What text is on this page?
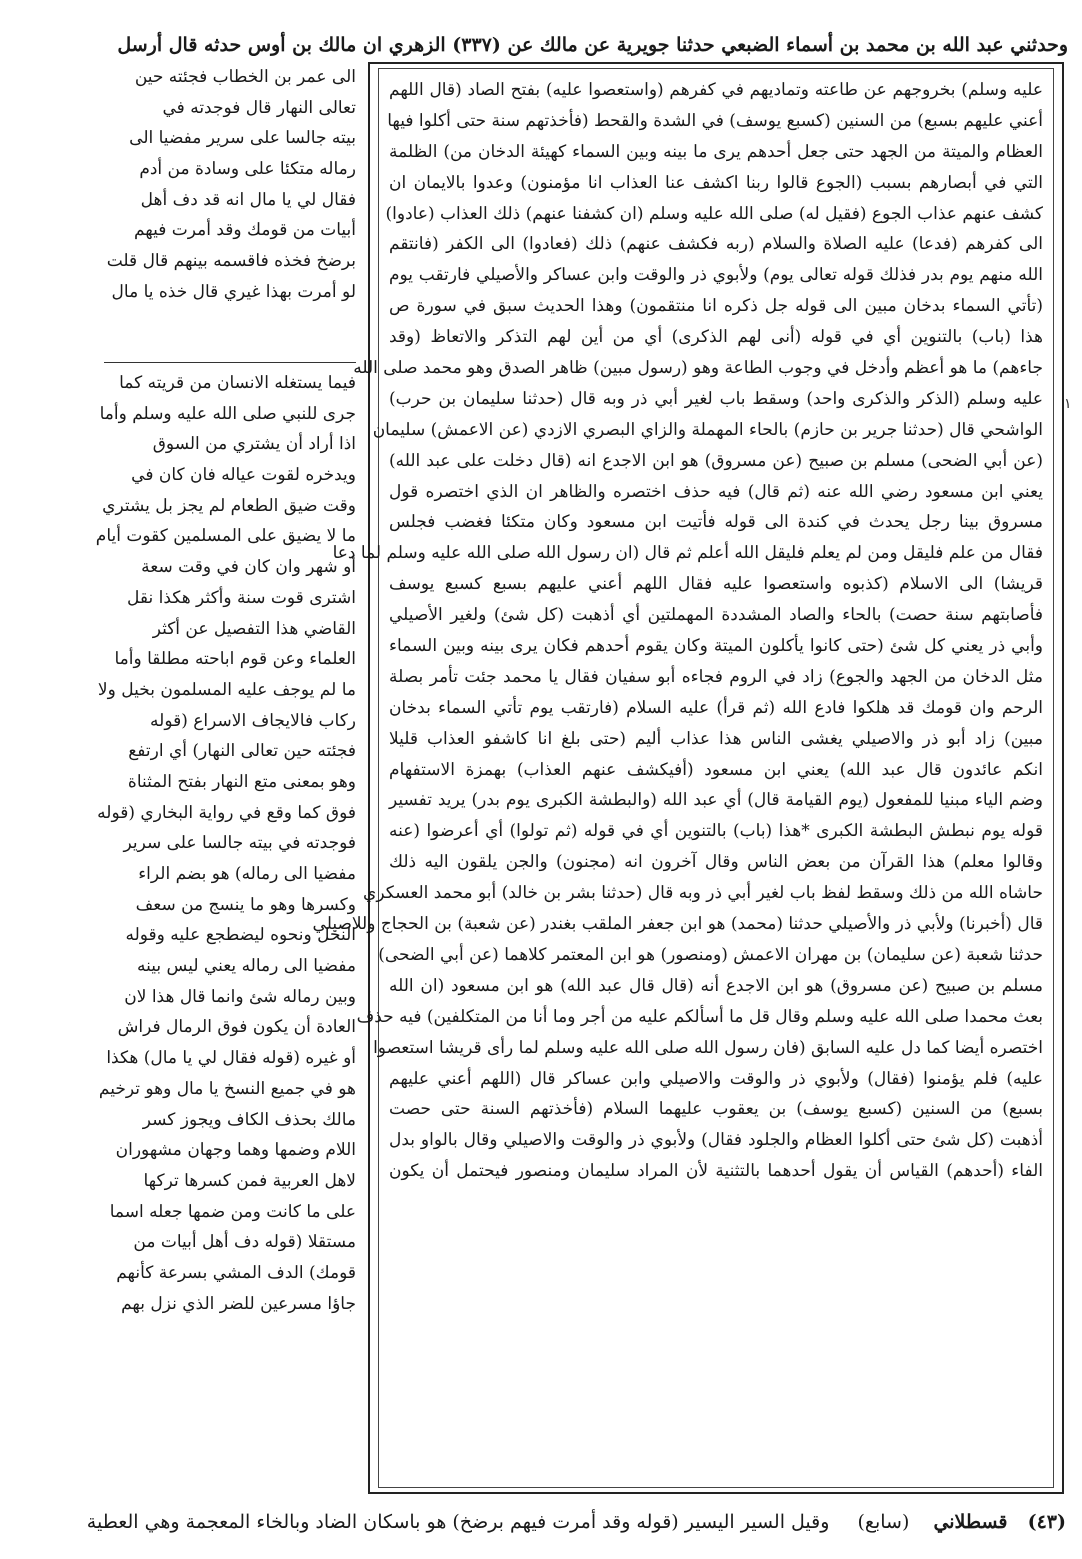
وحدثني عبد الله بن محمد بن أسماء الضبعي حدثنا جويرية عن مالك عن (٣٣٧) الزهري ان مالك بن أوس حدثه قال أرسل
الى عمر بن الخطاب فجئته حين
تعالى النهار قال فوجدته في
بيته جالسا على سرير مفضيا الى
رماله متكئا على وسادة من أدم
فقال لي يا مال انه قد دف أهل
أبيات من قومك وقد أمرت فيهم
برضخ فخذه فاقسمه بينهم قال قلت
لو أمرت بهذا غيري قال خذه يا مال
فيما يستغله الانسان من قريته كما
جرى للنبي صلى الله عليه وسلم وأما
اذا أراد أن يشتري من السوق
ويدخره لقوت عياله فان كان في
وقت ضيق الطعام لم يجز بل يشتري
ما لا يضيق على المسلمين كقوت أيام
أو شهر وان كان في وقت سعة
اشترى قوت سنة وأكثر هكذا نقل
القاضي هذا التفصيل عن أكثر
العلماء وعن قوم اباحته مطلقا وأما
ما لم يوجف عليه المسلمون بخيل ولا
ركاب فالايجاف الاسراع (قوله
فجئته حين تعالى النهار) أي ارتفع
وهو بمعنى متع النهار بفتح المثناة
فوق كما وقع في رواية البخاري (قوله
فوجدته في بيته جالسا على سرير
مفضيا الى رماله) هو بضم الراء
وكسرها وهو ما ينسج من سعف
النخل ونحوه ليضطجع عليه وقوله
مفضيا الى رماله يعني ليس بينه
وبين رماله شئ وانما قال هذا لان
العادة أن يكون فوق الرمال فراش
أو غيره (قوله فقال لي يا مال) هكذا
هو في جميع النسخ يا مال وهو ترخيم
مالك بحذف الكاف ويجوز كسر
اللام وضمها وهما وجهان مشهوران
لاهل العربية فمن كسرها تركها
على ما كانت ومن ضمها جعله اسما
مستقلا (قوله دف أهل أبيات من
قومك) الدف المشي بسرعة كأنهم
جاؤا مسرعين للضر الذي نزل بهم
عليه وسلم) بخروجهم عن طاعته وتماديهم في كفرهم (واستعصوا عليه) بفتح الصاد (قال اللهم
أعني عليهم بسبع) من السنين (كسبع يوسف) في الشدة والقحط (فأخذتهم سنة حتى أكلوا فيها
العظام والميتة من الجهد حتى جعل أحدهم يرى ما بينه وبين السماء كهيئة الدخان من) الظلمة
التي في أبصارهم بسبب (الجوع قالوا ربنا اكشف عنا العذاب انا مؤمنون) وعدوا بالايمان ان
كشف عنهم عذاب الجوع (فقيل له) صلى الله عليه وسلم (ان كشفنا عنهم) ذلك العذاب (عادوا)
الى كفرهم (فدعا) عليه الصلاة والسلام (ربه فكشف عنهم) ذلك (فعادوا) الى الكفر (فانتقم
الله منهم يوم بدر فذلك قوله تعالى يوم) ولأبوي ذر والوقت وابن عساكر والأصيلي فارتقب يوم
(تأتي السماء بدخان مبين الى قوله جل ذكره انا منتقمون) وهذا الحديث سبق في سورة ص
هذا (باب) بالتنوين أي في قوله (أنى لهم الذكرى) أي من أين لهم التذكر والاتعاظ (وقد
جاءهم) ما هو أعظم وأدخل في وجوب الطاعة وهو (رسول مبين) ظاهر الصدق وهو محمد صلى الله
عليه وسلم (الذكر والذكرى واحد) وسقط باب لغير أبي ذر وبه قال (حدثنا سليمان بن حرب)
الواشحي قال (حدثنا جرير بن حازم) بالحاء المهملة والزاي البصري الازدي (عن الاعمش) سليمان
(عن أبي الضحى) مسلم بن صبيح (عن مسروق) هو ابن الاجدع انه (قال دخلت على عبد الله)
يعني ابن مسعود رضي الله عنه (ثم قال) فيه حذف اختصره والظاهر ان الذي اختصره قول
مسروق بينا رجل يحدث في كندة الى قوله فأتيت ابن مسعود وكان متكئا فغضب فجلس
فقال من علم فليقل ومن لم يعلم فليقل الله أعلم ثم قال (ان رسول الله صلى الله عليه وسلم لما دعا
قريشا) الى الاسلام (كذبوه واستعصوا عليه فقال اللهم أعني عليهم بسبع كسبع يوسف
فأصابتهم سنة حصت) بالحاء والصاد المشددة المهملتين أي أذهبت (كل شئ) ولغير الأصيلي
وأبي ذر يعني كل شئ (حتى كانوا يأكلون الميتة وكان يقوم أحدهم فكان يرى بينه وبين السماء
مثل الدخان من الجهد والجوع) زاد في الروم فجاءه أبو سفيان فقال يا محمد جئت تأمر بصلة
الرحم وان قومك قد هلكوا فادع الله (ثم قرأ) عليه السلام (فارتقب يوم تأتي السماء بدخان
مبين) زاد أبو ذر والاصيلي يغشى الناس هذا عذاب أليم (حتى بلغ انا كاشفو العذاب قليلا
انكم عائدون قال عبد الله) يعني ابن مسعود (أفيكشف عنهم العذاب) بهمزة الاستفهام
وضم الياء مبنيا للمفعول (يوم القيامة قال) أي عبد الله (والبطشة الكبرى يوم بدر) يريد تفسير
قوله يوم نبطش البطشة الكبرى *هذا (باب) بالتنوين أي في قوله (ثم تولوا) أي أعرضوا (عنه
وقالوا معلم) هذا القرآن من بعض الناس وقال آخرون انه (مجنون) والجن يلقون اليه ذلك
حاشاه الله من ذلك وسقط لفظ باب لغير أبي ذر وبه قال (حدثنا بشر بن خالد) أبو محمد العسكري
قال (أخبرنا) ولأبي ذر والأصيلي حدثنا (محمد) هو ابن جعفر الملقب بغندر (عن شعبة) بن الحجاج وللاصيلي
حدثنا شعبة (عن سليمان) بن مهران الاعمش (ومنصور) هو ابن المعتمر كلاهما (عن أبي الضحى)
مسلم بن صبيح (عن مسروق) هو ابن الاجدع أنه (قال قال عبد الله) هو ابن مسعود (ان الله
بعث محمدا صلى الله عليه وسلم وقال قل ما أسألكم عليه من أجر وما أنا من المتكلفين) فيه حذف
اختصره أيضا كما دل عليه السابق (فان رسول الله صلى الله عليه وسلم لما رأى قريشا استعصوا
عليه) فلم يؤمنوا (فقال) ولأبوي ذر والوقت والاصيلي وابن عساكر قال (اللهم أعني عليهم
بسبع) من السنين (كسبع يوسف) بن يعقوب عليهما السلام (فأخذتهم السنة حتى حصت
أذهبت (كل شئ حتى أكلوا العظام والجلود فقال) ولأبوي ذر والوقت والاصيلي وقال بالواو بدل
الفاء (أحدهم) القياس أن يقول أحدهما بالتثنية لأن المراد سليمان ومنصور فيحتمل أن يكون
١
(٤٣) قسطلاني (سابع) وقيل السير اليسير (قوله وقد أمرت فيهم برضخ) هو باسكان الضاد وبالخاء المعجمة وهي العطية
